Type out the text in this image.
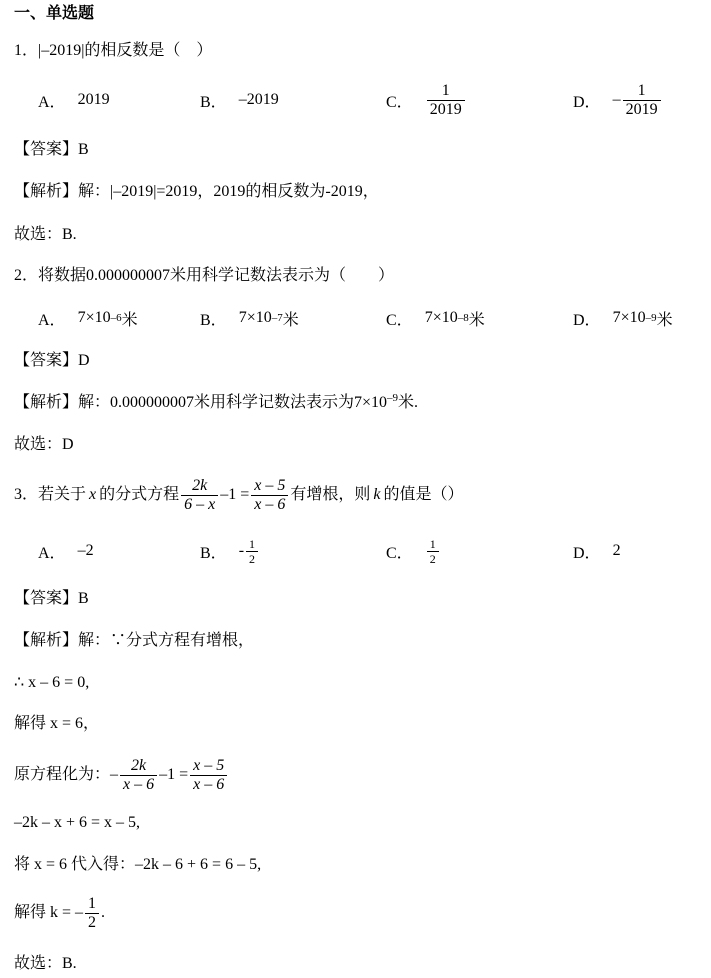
一、单选题
1．|–2019|的相反数是（　）
A． 2019	B． –2019	C． $\frac{1}{2019}$	D． – $\frac{1}{2019}$
【答案】B
【解析】解：|–2019|=2019，2019的相反数为-2019，
故选：B.
2．将数据0.000000007米用科学记数法表示为（　　）
A． 7×10 –6 米	B． 7×10 –7 米	C． 7×10 –8 米	D． 7×10 –9 米
【答案】D
【解析】解：0.000000007米用科学记数法表示为$7\times 10^{-9}$米.
故选：D
3．若关于 x 的分式方程 $\frac{2k}{6 - x} -1 = \frac{x - 5}{x - 6}$ 有增根，则 k 的值是（）
A． –2	B． - $\frac{1}{2}$	C． $\frac{1}{2}$	D． 2
【答案】B
【解析】解：∵分式方程有增根，
∴ x – 6 = 0,
解得 x = 6，
原方程化为：– $\frac{2k}{x - 6} -1 = \frac{x - 5}{x - 6}$
–2k – x + 6 = x – 5,
将 x = 6 代入得：–2k – 6 + 6 = 6 – 5,
解得 k = – $\frac{1}{2}$ .
故选：B.
